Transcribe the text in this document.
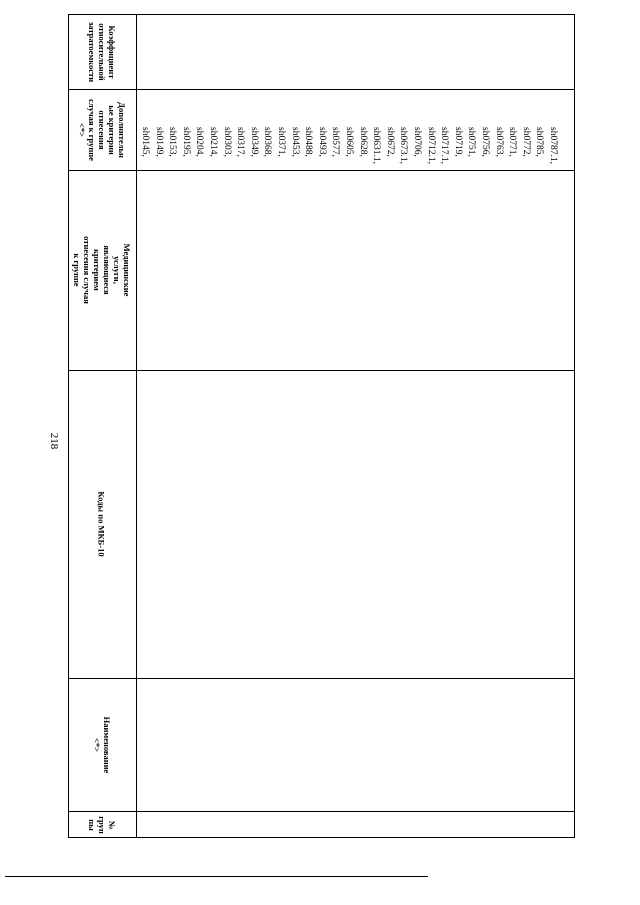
218
Коэффициент
относительной
затратоемкости
Дополнительн
ые критерии
отнесения
случая к группе
<*>
Медицинские услуги, являющиеся
критерием отнесения случая к группе
Коды по МКБ-10
Наименование <*>
№
груп
пы
sh0145, sh0149, sh0153, sh0195, sh0204, sh0214, sh0303, sh0317, sh0349, sh0368, sh0371, sh0453, sh0488, sh0493, sh0577, sh0605, sh0628, sh0631.1, sh0672, sh0673.1, sh0706, sh0712.1, sh0717.1, sh0719, sh0751, sh0756, sh0763, sh0771, sh0772, sh0785, sh0787.1,
